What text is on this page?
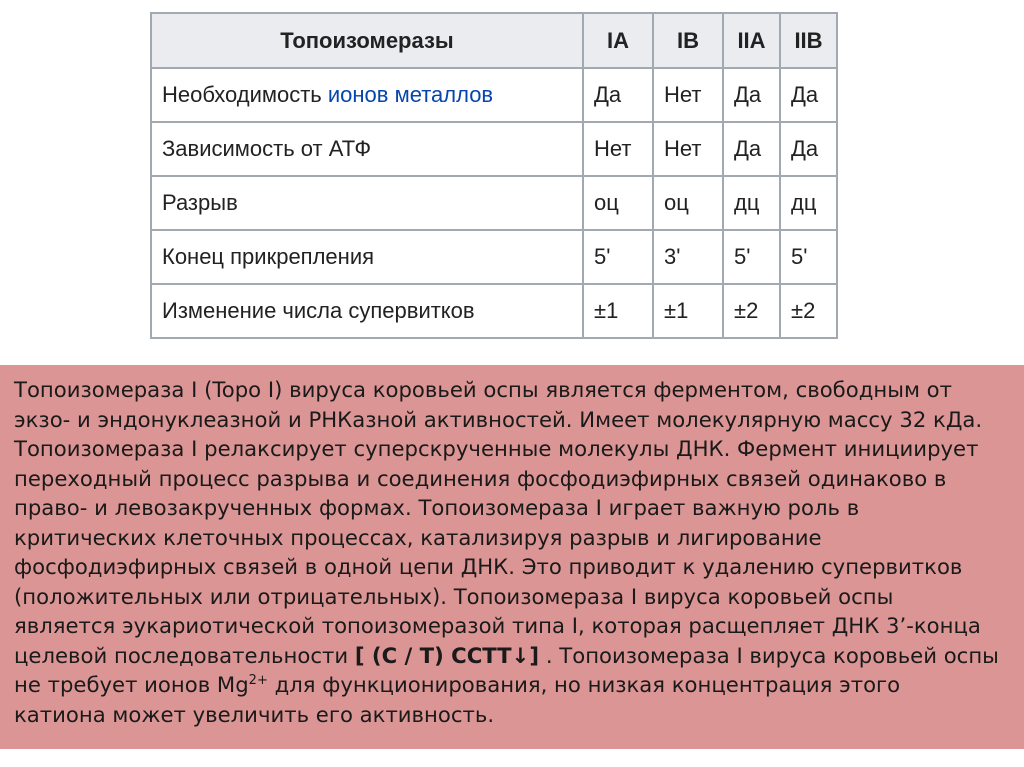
Топоизомеразы	IA	IB	IIA	IIB
Необходимость ионов металлов	Да	Нет	Да	Да
Зависимость от АТФ	Нет	Нет	Да	Да
Разрыв	оц	оц	дц	дц
Конец прикрепления	5'	3'	5'	5'
Изменение числа супервитков	±1	±1	±2	±2

Топоизомераза I (Topo I) вируса коровьей оспы является ферментом, свободным от
экзо- и эндонуклеазной и РНКазной активностей. Имеет молекулярную массу 32 кДа.
Топоизомераза I релаксирует суперскрученные молекулы ДНК. Фермент инициирует
переходный процесс разрыва и соединения фосфодиэфирных связей одинаково в
право- и левозакрученных формах. Топоизомераза I играет важную роль в
критических клеточных процессах, катализируя разрыв и лигирование
фосфодиэфирных связей в одной цепи ДНК. Это приводит к удалению супервитков
(положительных или отрицательных). Топоизомераза I вируса коровьей оспы
является эукариотической топоизомеразой типа I, которая расщепляет ДНК 3’-конца
целевой последовательности [ (C / T) CCTT↓] . Топоизомераза I вируса коровьей оспы
не требует ионов $Mg^{2+}$ для функционирования, но низкая концентрация этого
катиона может увеличить его активность.
